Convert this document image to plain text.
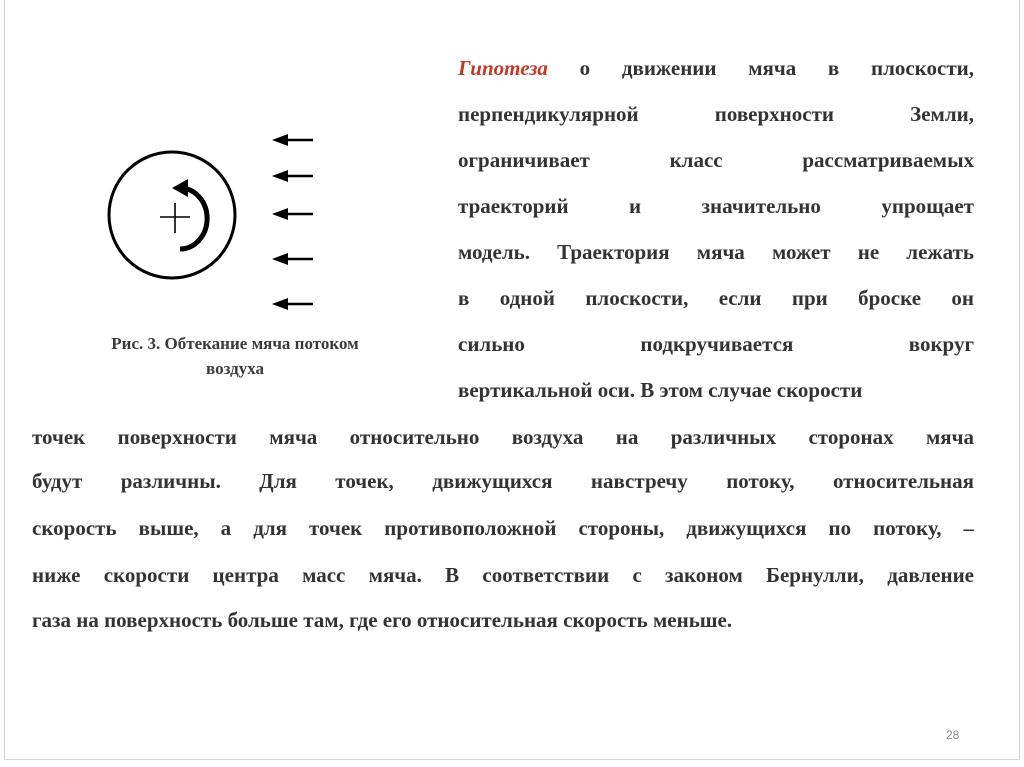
Рис. 3. Обтекание мяча потоком
воздуха
Гипотеза о движении мяча в плоскости,
перпендикулярной поверхности Земли,
ограничивает класс рассматриваемых
траекторий и значительно упрощает
модель. Траектория мяча может не лежать
в одной плоскости, если при броске он
сильно подкручивается вокруг
вертикальной оси. В этом случае скорости
точек поверхности мяча относительно воздуха на различных сторонах мяча
будут различны. Для точек, движущихся навстречу потоку, относительная
скорость выше, а для точек противоположной стороны, движущихся по потоку, –
ниже скорости центра масс мяча. В соответствии с законом Бернулли, давление
газа на поверхность больше там, где его относительная скорость меньше.
28
